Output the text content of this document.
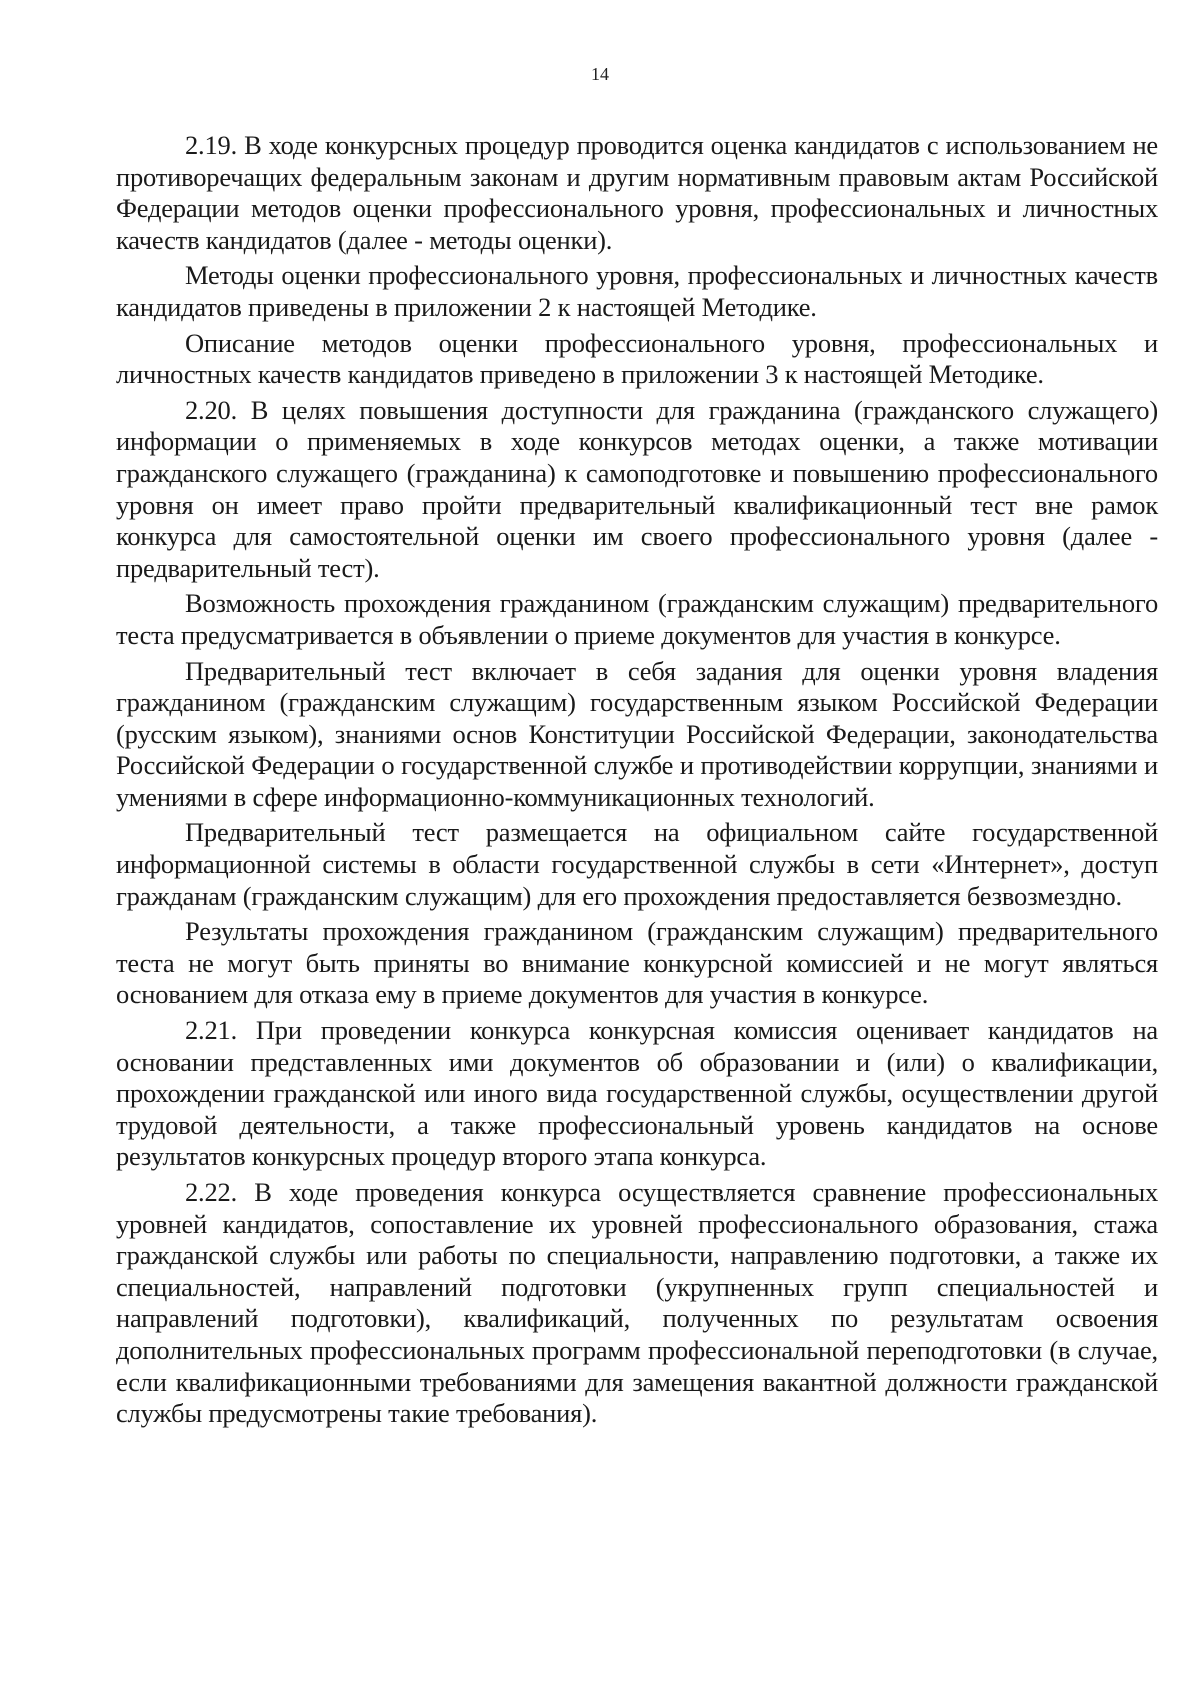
14

2.19. В ходе конкурсных процедур проводится оценка кандидатов с использованием не противоречащих федеральным законам и другим нормативным правовым актам Российской Федерации методов оценки профессионального уровня, профессиональных и личностных качеств кандидатов (далее - методы оценки).

Методы оценки профессионального уровня, профессиональных и личностных качеств кандидатов приведены в приложении 2 к настоящей Методике.

Описание методов оценки профессионального уровня, профессиональных и личностных качеств кандидатов приведено в приложении 3 к настоящей Методике.

2.20. В целях повышения доступности для гражданина (гражданского служащего) информации о применяемых в ходе конкурсов методах оценки, а также мотивации гражданского служащего (гражданина) к самоподготовке и повышению профессионального уровня он имеет право пройти предварительный квалификационный тест вне рамок конкурса для самостоятельной оценки им своего профессионального уровня (далее - предварительный тест).

Возможность прохождения гражданином (гражданским служащим) предварительного теста предусматривается в объявлении о приеме документов для участия в конкурсе.

Предварительный тест включает в себя задания для оценки уровня владения гражданином (гражданским служащим) государственным языком Российской Федерации (русским языком), знаниями основ Конституции Российской Федерации, законодательства Российской Федерации о государственной службе и противодействии коррупции, знаниями и умениями в сфере информационно-коммуникационных технологий.

Предварительный тест размещается на официальном сайте государственной информационной системы в области государственной службы в сети «Интернет», доступ гражданам (гражданским служащим) для его прохождения предоставляется безвозмездно.

Результаты прохождения гражданином (гражданским служащим) предварительного теста не могут быть приняты во внимание конкурсной комиссией и не могут являться основанием для отказа ему в приеме документов для участия в конкурсе.

2.21. При проведении конкурса конкурсная комиссия оценивает кандидатов на основании представленных ими документов об образовании и (или) о квалификации, прохождении гражданской или иного вида государственной службы, осуществлении другой трудовой деятельности, а также профессиональный уровень кандидатов на основе результатов конкурсных процедур второго этапа конкурса.

2.22. В ходе проведения конкурса осуществляется сравнение профессиональных уровней кандидатов, сопоставление их уровней профессионального образования, стажа гражданской службы или работы по специальности, направлению подготовки, а также их специальностей, направлений подготовки (укрупненных групп специальностей и направлений подготовки), квалификаций, полученных по результатам освоения дополнительных профессиональных программ профессиональной переподготовки (в случае, если квалификационными требованиями для замещения вакантной должности гражданской службы предусмотрены такие требования).
